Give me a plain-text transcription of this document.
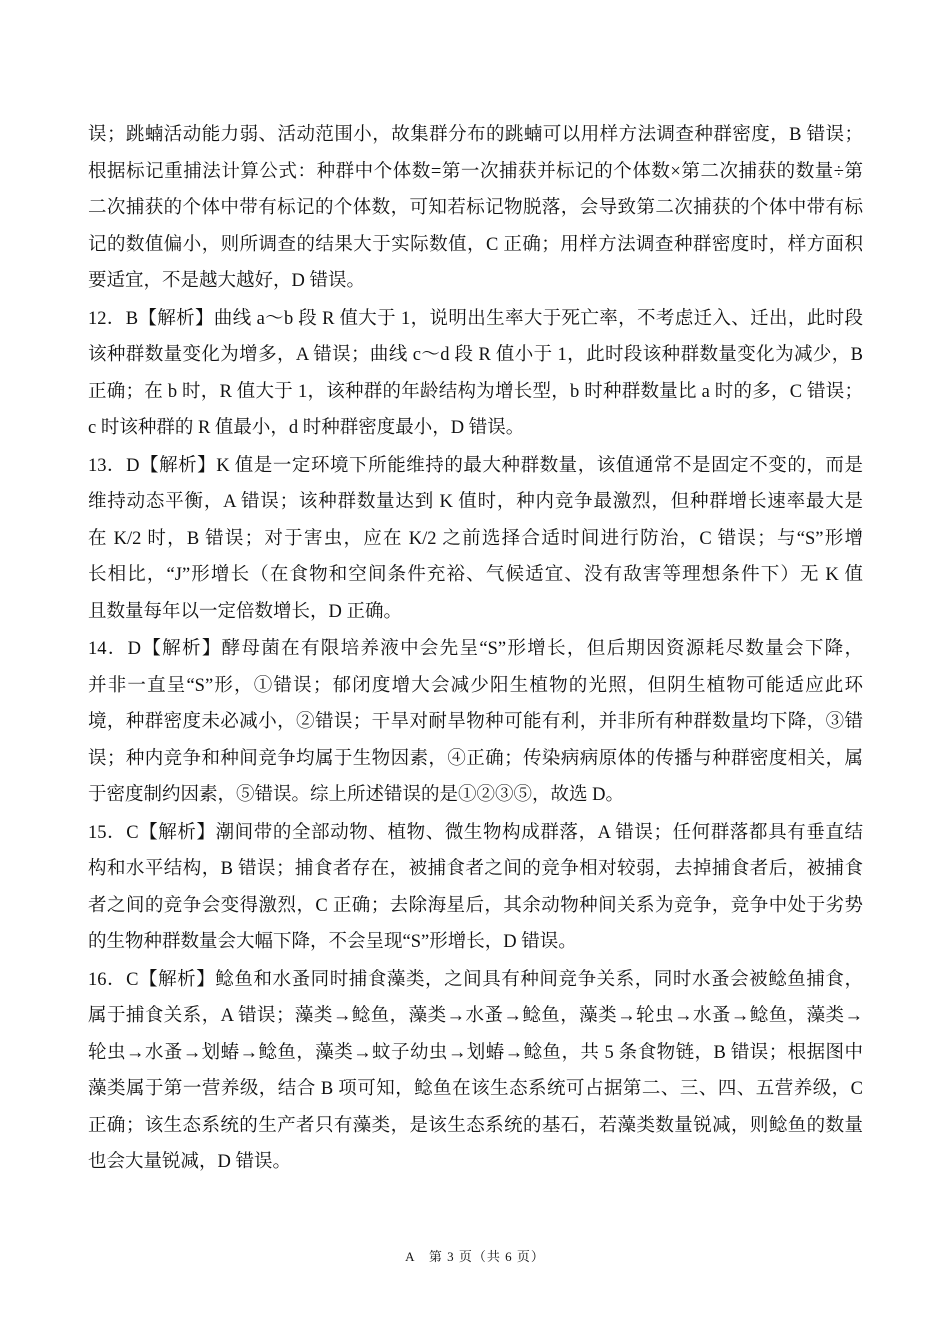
误；跳蝻活动能力弱、活动范围小，故集群分布的跳蝻可以用样方法调查种群密度，B 错误；
根据标记重捕法计算公式：种群中个体数=第一次捕获并标记的个体数×第二次捕获的数量÷第
二次捕获的个体中带有标记的个体数，可知若标记物脱落，会导致第二次捕获的个体中带有标
记的数值偏小，则所调查的结果大于实际数值，C 正确；用样方法调查种群密度时，样方面积
要适宜，不是越大越好，D 错误。
12．B【解析】曲线 a～b 段 R 值大于 1，说明出生率大于死亡率，不考虑迁入、迁出，此时段
该种群数量变化为增多，A 错误；曲线 c～d 段 R 值小于 1，此时段该种群数量变化为减少，B
正确；在 b 时，R 值大于 1，该种群的年龄结构为增长型，b 时种群数量比 a 时的多，C 错误；
c 时该种群的 R 值最小，d 时种群密度最小，D 错误。
13．D【解析】K 值是一定环境下所能维持的最大种群数量，该值通常不是固定不变的，而是
维持动态平衡，A 错误；该种群数量达到 K 值时，种内竞争最激烈，但种群增长速率最大是
在 K/2 时，B 错误；对于害虫，应在 K/2 之前选择合适时间进行防治，C 错误；与“S”形增
长相比，“J”形增长（在食物和空间条件充裕、气候适宜、没有敌害等理想条件下）无 K 值
且数量每年以一定倍数增长，D 正确。
14．D【解析】酵母菌在有限培养液中会先呈“S”形增长，但后期因资源耗尽数量会下降，
并非一直呈“S”形，①错误；郁闭度增大会减少阳生植物的光照，但阴生植物可能适应此环
境，种群密度未必减小，②错误；干旱对耐旱物种可能有利，并非所有种群数量均下降，③错
误；种内竞争和种间竞争均属于生物因素，④正确；传染病病原体的传播与种群密度相关，属
于密度制约因素，⑤错误。综上所述错误的是①②③⑤，故选 D。
15．C【解析】潮间带的全部动物、植物、微生物构成群落，A 错误；任何群落都具有垂直结
构和水平结构，B 错误；捕食者存在，被捕食者之间的竞争相对较弱，去掉捕食者后，被捕食
者之间的竞争会变得激烈，C 正确；去除海星后，其余动物种间关系为竞争，竞争中处于劣势
的生物种群数量会大幅下降，不会呈现“S”形增长，D 错误。
16．C【解析】鲶鱼和水蚤同时捕食藻类，之间具有种间竞争关系，同时水蚤会被鲶鱼捕食，
属于捕食关系，A 错误；藻类→鲶鱼，藻类→水蚤→鲶鱼，藻类→轮虫→水蚤→鲶鱼，藻类→
轮虫→水蚤→划蝽→鲶鱼，藻类→蚊子幼虫→划蝽→鲶鱼，共 5 条食物链，B 错误；根据图中
藻类属于第一营养级，结合 B 项可知，鲶鱼在该生态系统可占据第二、三、四、五营养级，C
正确；该生态系统的生产者只有藻类，是该生态系统的基石，若藻类数量锐减，则鲶鱼的数量
也会大量锐减，D 错误。
A　第 3 页（共 6 页）
